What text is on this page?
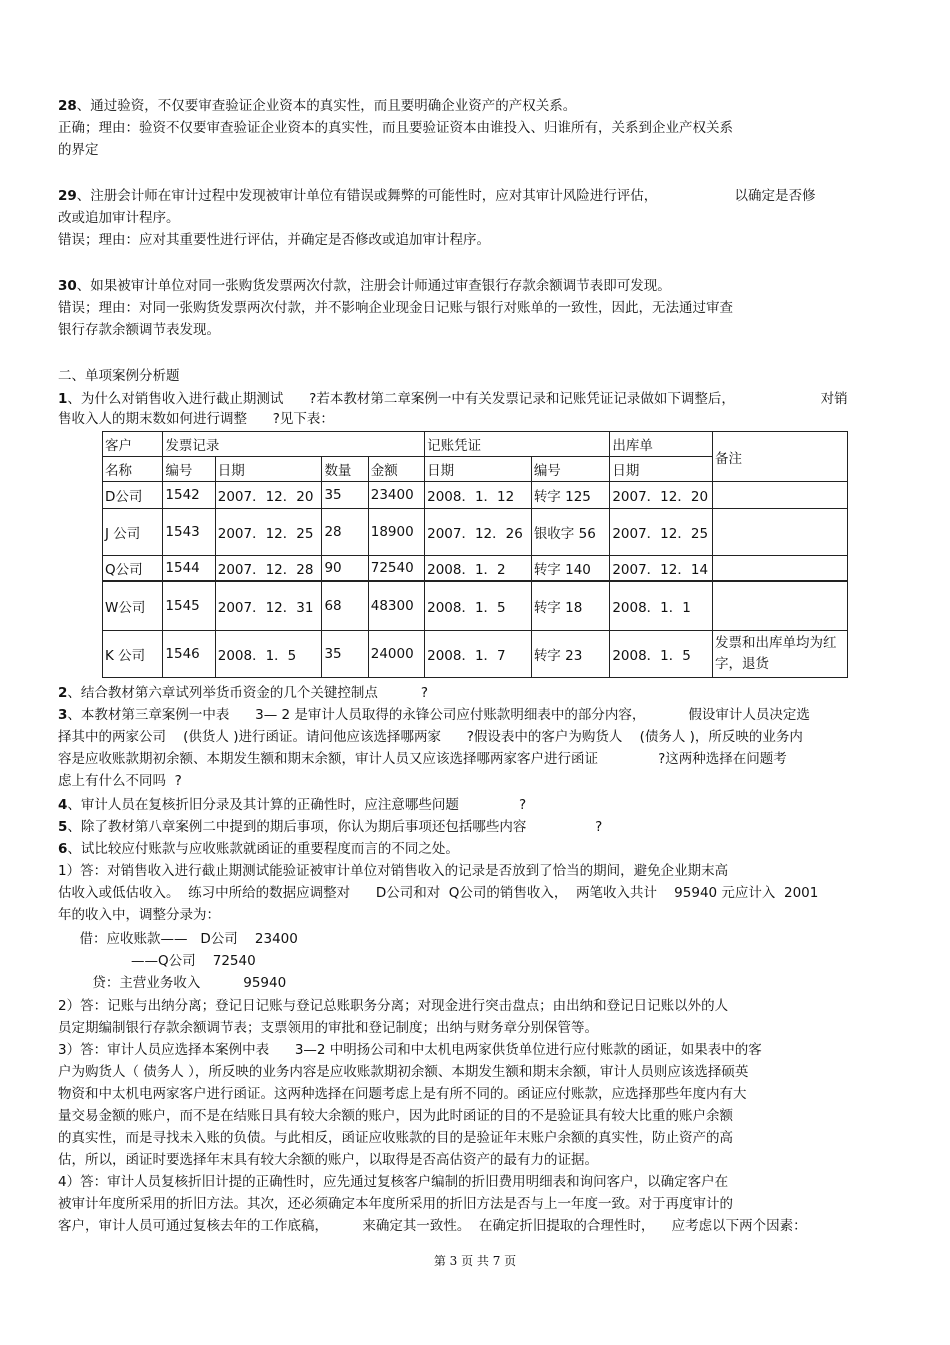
28、通过验资，不仅要审查验证企业资本的真实性，而且要明确企业资产的产权关系。
正确；理由：验资不仅要审查验证企业资本的真实性，而且要验证资本由谁投入、归谁所有，关系到企业产权关系
的界定
29、注册会计师在审计过程中发现被审计单位有错误或舞弊的可能性时，应对其审计风险进行评估，                  以确定是否修
改或追加审计程序。
错误；理由：应对其重要性进行评估，并确定是否修改或追加审计程序。
30、如果被审计单位对同一张购货发票两次付款，注册会计师通过审查银行存款余额调节表即可发现。
错误；理由：对同一张购货发票两次付款，并不影响企业现金日记账与银行对账单的一致性，因此，无法通过审查
银行存款余额调节表发现。
二、单项案例分析题
1、为什么对销售收入进行截止期测试      ?若本教材第二章案例一中有关发票记录和记账凭证记录做如下调整后，                    对销
售收入人的期末数如何进行调整      ?见下表：
2、结合教材第六章试列举货币资金的几个关键控制点          ?
3、本教材第三章案例一中表      3— 2 是审计人员取得的永锋公司应付账款明细表中的部分内容，          假设审计人员决定选
择其中的两家公司    (供货人 )进行函证。请问他应该选择哪两家      ?假设表中的客户为购货人    (债务人 )，所反映的业务内
容是应收账款期初余额、本期发生额和期末余额，审计人员又应该选择哪两家客户进行函证              ?这两种选择在问题考
虑上有什么不同吗  ?
4、审计人员在复核折旧分录及其计算的正确性时，应注意哪些问题              ?
5、除了教材第八章案例二中提到的期后事项，你认为期后事项还包括哪些内容                ?
6、试比较应付账款与应收账款就函证的重要程度而言的不同之处。
1）答：对销售收入进行截止期测试能验证被审计单位对销售收入的记录是否放到了恰当的期间，避免企业期末高
估收入或低估收入。  练习中所给的数据应调整对      D公司和对  Q公司的销售收入，  两笔收入共计    95940 元应计入  2001
年的收入中，调整分录为：
借：应收账款——   D公司    23400
——Q公司    72540
贷：主营业务收入          95940
2）答：记账与出纳分离；登记日记账与登记总账职务分离；对现金进行突击盘点；由出纳和登记日记账以外的人
员定期编制银行存款余额调节表；支票领用的审批和登记制度；出纳与财务章分别保管等。
3）答：审计人员应选择本案例中表      3—2 中明扬公司和中太机电两家供货单位进行应付账款的函证，如果表中的客
户为购货人（ 债务人 ），所反映的业务内容是应收账款期初余额、本期发生额和期末余额，审计人员则应该选择硕英
物资和中太机电两家客户进行函证。这两种选择在问题考虑上是有所不同的。函证应付账款，应选择那些年度内有大
量交易金额的账户，而不是在结账日具有较大余额的账户，因为此时函证的目的不是验证具有较大比重的账户余额
的真实性，而是寻找未入账的负债。与此相反，函证应收账款的目的是验证年末账户余额的真实性，防止资产的高
估，所以，函证时要选择年末具有较大余额的账户，以取得是否高估资产的最有力的证据。
4）答：审计人员复核折旧计提的正确性时，应先通过复核客户编制的折旧费用明细表和询问客户，以确定客户在
被审计年度所采用的折旧方法。其次，还必须确定本年度所采用的折旧方法是否与上一年度一致。对于再度审计的
客户，审计人员可通过复核去年的工作底稿，        来确定其一致性。  在确定折旧提取的合理性时，    应考虑以下两个因素：
客户	发票记录				记账凭证		出库单	备注
名称	编号	日期	数量	金额	日期	编号	日期	
D公司	1542	2007．12．20	35	23400	2008．1．12	转字 125	2007．12．20	
J 公司	1543	2007．12．25	28	18900	2007．12．26	银收字 56	2007．12．25	
Q公司	1544	2007．12．28	90	72540	2008．1．2	转字 140	2007．12．14	
W公司	1545	2007．12．31	68	48300	2008．1．5	转字 18	2008．1．1	
K 公司	1546	2008．1．5	35	24000	2008．1．7	转字 23	2008．1．5	发票和出库单均为红字，退货
第 3 页 共 7 页
